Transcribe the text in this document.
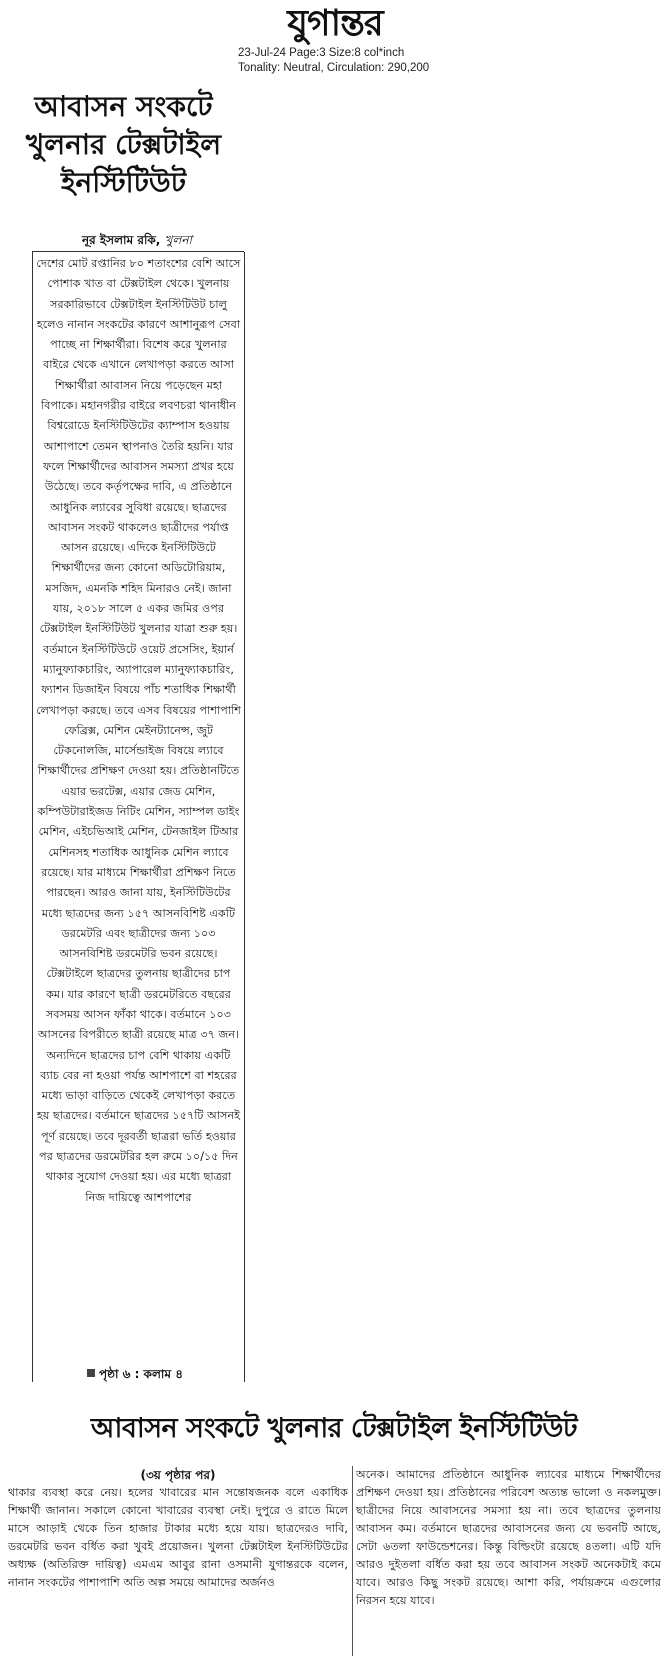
যুগান্তর
23-Jul-24 Page:3 Size:8 col*inch
Tonality: Neutral, Circulation: 290,200
আবাসন সংকটে খুলনার টেক্সটাইল ইনস্টিটিউট
নূর ইসলাম রকি, খুলনা

দেশের মোট রপ্তানির ৮০ শতাংশের বেশি আসে পোশাক খাত বা টেক্সটাইল থেকে। খুলনায় সরকারিভাবে টেক্সটাইল ইনস্টিটিউট চালু হলেও নানান সংকটের কারণে আশানুরূপ সেবা পাচ্ছে না শিক্ষার্থীরা। বিশেষ করে খুলনার বাইরে থেকে এখানে লেখাপড়া করতে আসা শিক্ষার্থীরা আবাসন নিয়ে পড়েছেন মহা বিপাকে। মহানগরীর বাইরে লবণচরা থানাধীন বিশ্বরোডে ইনস্টিটিউটের ক্যাম্পাস হওয়ায় আশাপাশে তেমন স্থাপনাও তৈরি হয়নি। যার ফলে শিক্ষার্থীদের আবাসন সমস্যা প্রখর হয়ে উঠেছে। তবে কর্তৃপক্ষের দাবি, এ প্রতিষ্ঠানে আধুনিক ল্যাবের সুবিধা রয়েছে। ছাত্রদের আবাসন সংকট থাকলেও ছাত্রীদের পর্যাপ্ত আসন রয়েছে। এদিকে ইনস্টিটিউটে শিক্ষার্থীদের জন্য কোনো অডিটোরিয়াম, মসজিদ, এমনকি শহিদ মিনারও নেই। জানা যায়, ২০১৮ সালে ৫ একর জমির ওপর টেক্সটাইল ইনস্টিটিউট খুলনার যাত্রা শুরু হয়। বর্তমানে ইনস্টিটিউটে ওয়েট প্রসেসিং, ইয়ার্ন ম্যানুফ্যাকচারিং, অ্যাপারেল ম্যানুফ্যাকচারিং, ফ্যাশন ডিজাইন বিষয়ে পাঁচ শতাধিক শিক্ষার্থী লেখাপড়া করছে। তবে এসব বিষয়ের পাশাপাশি ফেব্রিক্স, মেশিন মেইনট্যানেন্স, জুট টেকনোলজি, মার্সেন্ডাইজ বিষয়ে ল্যাবে শিক্ষার্থীদের প্রশিক্ষণ দেওয়া হয়। প্রতিষ্ঠানটিতে এয়ার ভরটেক্স, এয়ার জেড মেশিন, কম্পিউটারাইজড নিটিং মেশিন, স্যাম্পল ডাইং মেশিন, এইচভিআই মেশিন, টেনজাইল টিআর মেশিনসহ শতাধিক আধুনিক মেশিন ল্যাবে রয়েছে। যার মাধ্যমে শিক্ষার্থীরা প্রশিক্ষণ নিতে পারছেন। আরও জানা যায়, ইনস্টিটিউটের মধ্যে ছাত্রদের জন্য ১৫৭ আসনবিশিষ্ট একটি ডরমেটরি এবং ছাত্রীদের জন্য ১০৩ আসনবিশিষ্ট ডরমেটরি ভবন রয়েছে। টেক্সটাইলে ছাত্রদের তুলনায় ছাত্রীদের চাপ কম। যার কারণে ছাত্রী ডরমেটরিতে বছরের সবসময় আসন ফাঁকা থাকে। বর্তমানে ১০৩ আসনের বিপরীতে ছাত্রী রয়েছে মাত্র ৩৭ জন। অন্যদিনে ছাত্রদের চাপ বেশি থাকায় একটি ব্যাচ বের না হওয়া পর্যন্ত আশপাশে বা শহরের মধ্যে ভাড়া বাড়িতে থেকেই লেখাপড়া করতে হয় ছাত্রদের। বর্তমানে ছাত্রদের ১৫৭টি আসনই পূর্ণ রয়েছে। তবে দূরবর্তী ছাত্ররা ভর্তি হওয়ার পর ছাত্রদের ডরমেটরির হল রুমে ১০/১৫ দিন থাকার সুযোগ দেওয়া হয়। এর মধ্যে ছাত্ররা নিজ দায়িত্বে আশপাশের

পৃষ্ঠা ৬ : কলাম ৪
আবাসন সংকটে খুলনার টেক্সটাইল ইনস্টিটিউট
(৩য় পৃষ্ঠার পর)

থাকার ব্যবস্থা করে নেয়। হলের খাবারের মান সন্তোষজনক বলে একাধিক শিক্ষার্থী জানান। সকালে কোনো খাবারের ব্যবস্থা নেই। দুপুরে ও রাতে মিলে মাসে আড়াই থেকে তিন হাজার টাকার মধ্যে হয়ে যায়। ছাত্রদেরও দাবি, ডরমেটরি ভবন বর্ধিত করা খুবই প্রয়োজন। খুলনা টেক্সটাইল ইনস্টিটিউটের অধ্যক্ষ (অতিরিক্ত দায়িত্ব) এমএম আবুর রানা ওসমানী যুগান্তরকে বলেন, নানান সংকটের পাশাপাশি অতি অল্প সময়ে আমাদের অর্জনও

অনেক। আমাদের প্রতিষ্ঠানে আধুনিক ল্যাবের মাধ্যমে শিক্ষার্থীদের প্রশিক্ষণ দেওয়া হয়। প্রতিষ্ঠানের পরিবেশ অত্যন্ত ভালো ও নকলমুক্ত। ছাত্রীদের নিয়ে আবাসনের সমস্যা হয় না। তবে ছাত্রদের তুলনায় আবাসন কম। বর্তমানে ছাত্রদের আবাসনের জন্য যে ভবনটি আছে, সেটা ৬তলা ফাউন্ডেশনের। কিন্তু বিল্ডিংটা রয়েছে ৪তলা। এটি যদি আরও দুইতলা বর্ধিত করা হয় তবে আবাসন সংকট অনেকটাই কমে যাবে। আরও কিছু সংকট রয়েছে। আশা করি, পর্যায়ক্রমে এগুলোর নিরসন হয়ে যাবে।
